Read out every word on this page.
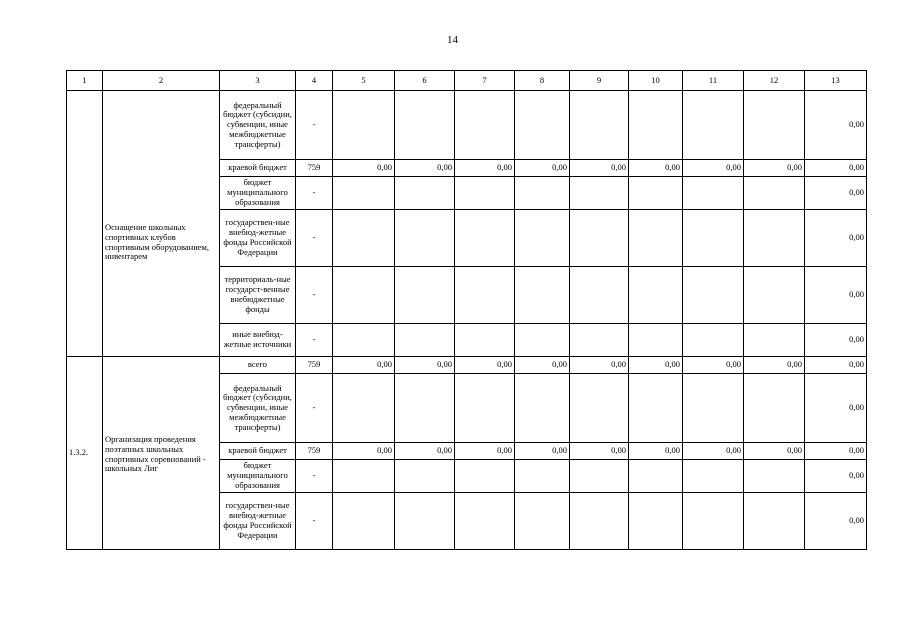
14
1	2	3	4	5	6	7	8	9	10	11	12	13
	Оснащение школьных спортивных клубов спортивным оборудованием, инвентарем	федеральный бюджет (субсидии, субвенции, иные межбюджетные трансферты)	-									0,00
		краевой бюджет	759	0,00	0,00	0,00	0,00	0,00	0,00	0,00	0,00	0,00
		бюджет муниципального образования	-									0,00
		государствен-ные внебюд-жетные фонды Российской Федерации	-									0,00
		территориаль-ные государст-венные внебюджетные фонды	-									0,00
		иные внебюд-жетные источники	-									0,00
1.3.2.	Организация проведения поэтапных школьных спортивных соревнований - школьных Лиг	всего	759	0,00	0,00	0,00	0,00	0,00	0,00	0,00	0,00	0,00
		федеральный бюджет (субсидии, субвенции, иные межбюджетные трансферты)	-									0,00
		краевой бюджет	759	0,00	0,00	0,00	0,00	0,00	0,00	0,00	0,00	0,00
		бюджет муниципального образования	-									0,00
		государствен-ные внебюд-жетные фонды Российской Федерации	-									0,00
